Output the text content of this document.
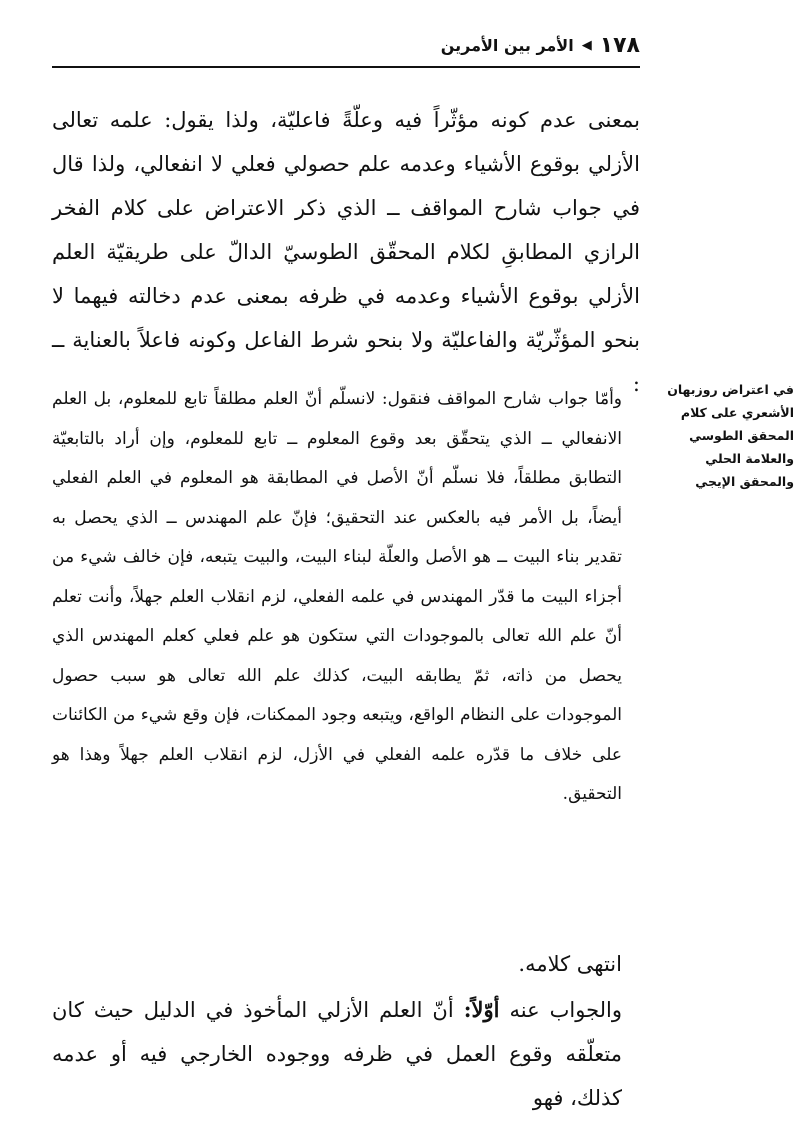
١٧٨
◀
الأمر بين الأمرين

بمعنى عدم كونه مؤثّراً فيه وعلّةً فاعليّة، ولذا يقول: علمه تعالى الأزلي بوقوع الأشياء وعدمه علم حصولي فعلي لا انفعالي، ولذا قال في جواب شارح المواقف ــ الذي ذكر الاعتراض على كلام الفخر الرازي المطابقِ لكلام المحقّق الطوسيّ الدالّ على طريقيّة العلم الأزلي بوقوع الأشياء وعدمه في ظرفه بمعنى عدم دخالته فيهما لا بنحو المؤثّريّة والفاعليّة ولا بنحو شرط الفاعل وكونه فاعلاً بالعناية ــ :

وأمّا جواب شارح المواقف فنقول: لانسلّم أنّ العلم مطلقاً تابع للمعلوم، بل العلم الانفعالي ــ الذي يتحقّق بعد وقوع المعلوم ــ تابع للمعلوم، وإن أراد بالتابعيّة التطابق مطلقاً، فلا نسلّم أنّ الأصل في المطابقة هو المعلوم في العلم الفعلي أيضاً، بل الأمر فيه بالعكس عند التحقيق؛ فإنّ علم المهندس ــ الذي يحصل به تقدير بناء البيت ــ هو الأصل والعلّة لبناء البيت، والبيت يتبعه، فإن خالف شيء من أجزاء البيت ما قدّر المهندس في علمه الفعلي، لزم انقلاب العلم جهلاً، وأنت تعلم أنّ علم الله تعالى بالموجودات التي ستكون هو علم فعلي كعلم المهندس الذي يحصل من ذاته، ثمّ يطابقه البيت، كذلك علم الله تعالى هو سبب حصول الموجودات على النظام الواقع، ويتبعه وجود الممكنات، فإن وقع شيء من الكائنات على خلاف ما قدّره علمه الفعلي في الأزل، لزم انقلاب العلم جهلاً وهذا هو التحقيق.

انتهى كلامه.

والجواب عنه أوّلاً: أنّ العلم الأزلي المأخوذ في الدليل حيث كان متعلّقه وقوع العمل في ظرفه ووجوده الخارجي فيه أو عدمه كذلك، فهو

في اعتراض روزبهان الأشعري على كلام المحقق الطوسي والعلامة الحلي والمحقق الإيجي
